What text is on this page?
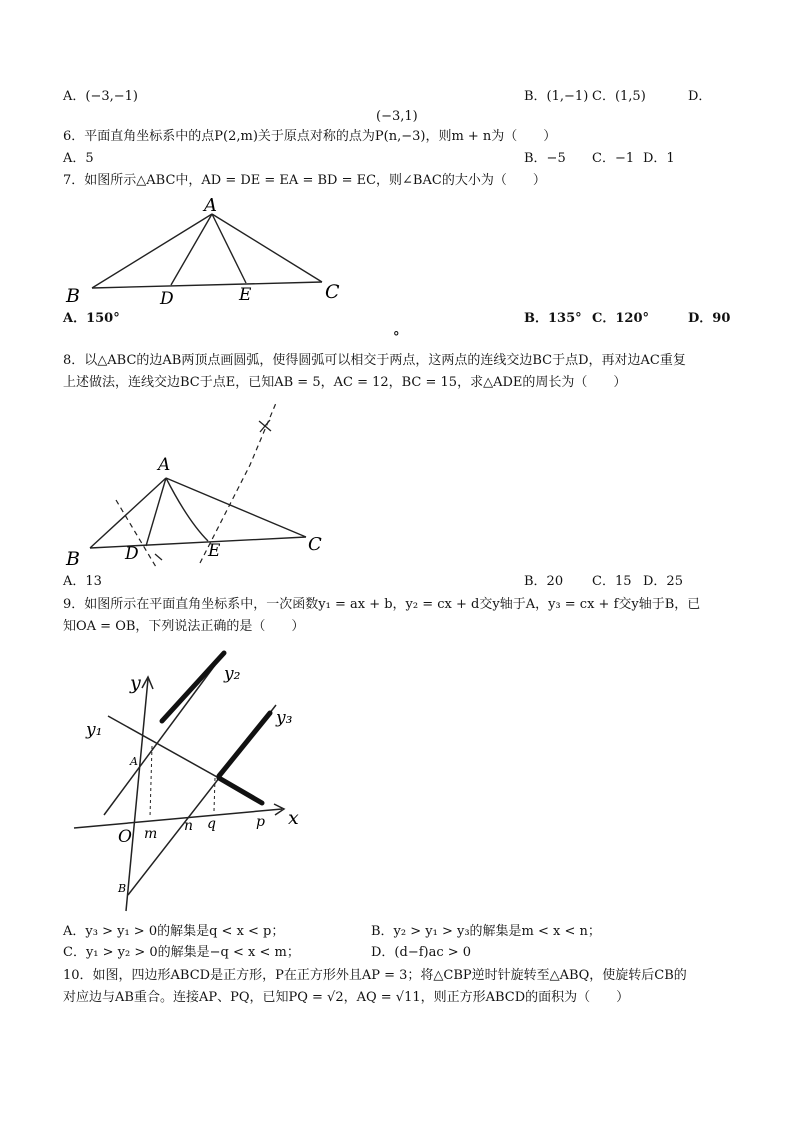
A．(−3,−1)	B．(1,−1) C．(1,5)	D．
(−3,1)
6．平面直角坐标系中的点P(2,m)关于原点对称的点为P(n,−3)，则m + n为（　　）
A．5	B．−5 C．−1 D．1
7．如图所示△ABC中，AD = DE = EA = BD = EC，则∠BAC的大小为（　　）
A
B	D	E	C
A．150°	B．135° C．120°	D．90
°
8．以△ABC的边AB两顶点画圆弧，使得圆弧可以相交于两点，这两点的连线交边BC于点D，再对边AC重复
上述做法，连线交边BC于点E，已知AB = 5，AC = 12，BC = 15，求△ADE的周长为（　　）
A
B	D	E	C
A．13	B．20 C．15 D．25
9．如图所示在平面直角坐标系中，一次函数y₁ = ax + b，y₂ = cx + d交y轴于A，y₃ = cx + f交y轴于B，已
知OA = OB，下列说法正确的是（　　）
y
x
y₁
y₂
y₃
A
B
O m n q	p
A．y₃ > y₁ > 0的解集是q < x < p；	B．y₂ > y₁ > y₃的解集是m < x < n；
C．y₁ > y₂ > 0的解集是−q < x < m；	D．(d−f)ac > 0
10．如图，四边形ABCD是正方形，P在正方形外且AP = 3；将△CBP逆时针旋转至△ABQ，使旋转后CB的
对应边与AB重合。连接AP、PQ，已知PQ = √2，AQ = √11，则正方形ABCD的面积为（　　）
